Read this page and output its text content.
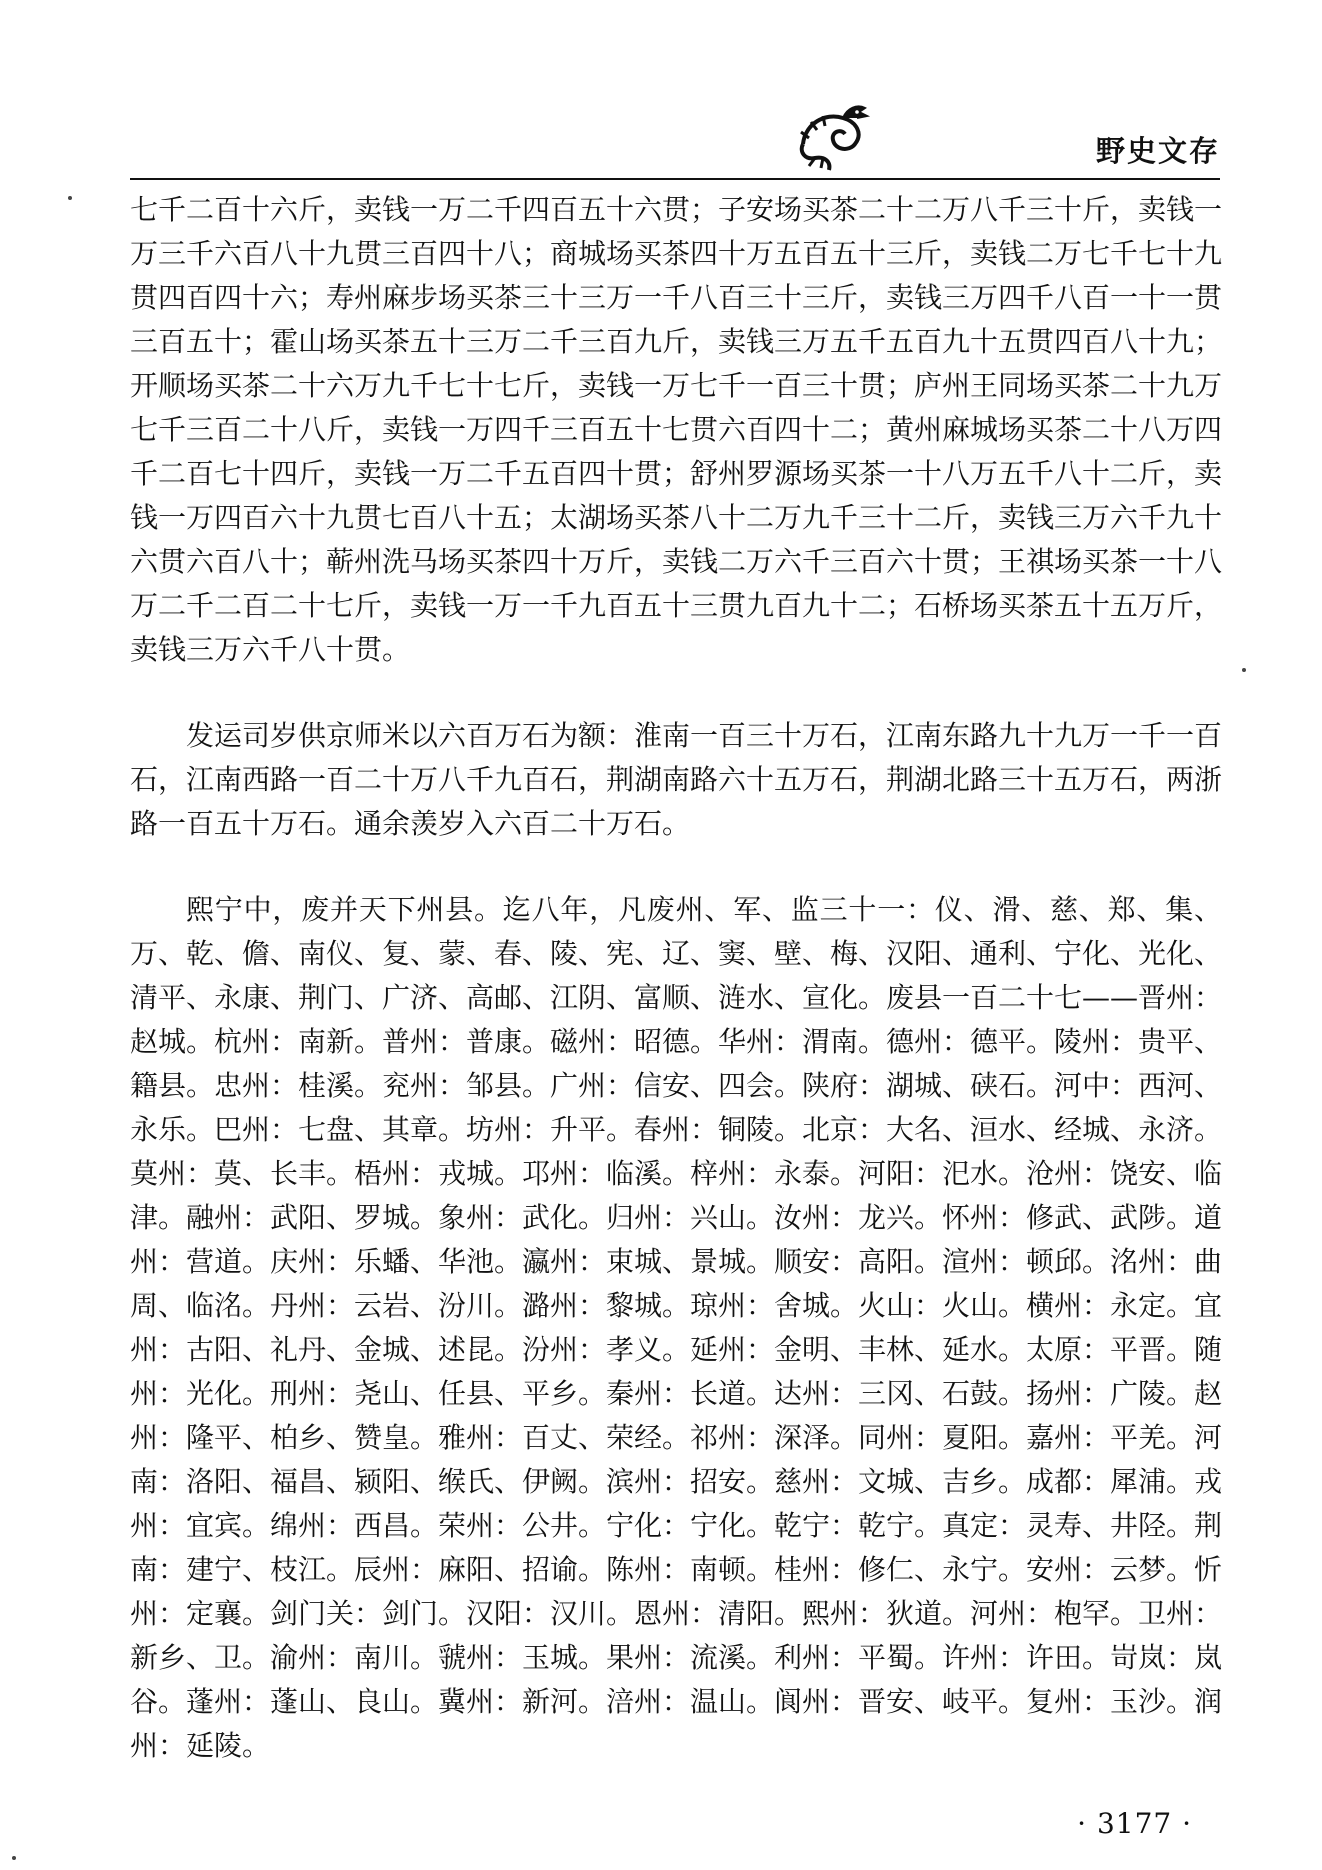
野史文存

七千二百十六斤，卖钱一万二千四百五十六贯；子安场买茶二十二万八千三十斤，卖钱一万三千六百八十九贯三百四十八；商城场买茶四十万五百五十三斤，卖钱二万七千七十九贯四百四十六；寿州麻步场买茶三十三万一千八百三十三斤，卖钱三万四千八百一十一贯三百五十；霍山场买茶五十三万二千三百九斤，卖钱三万五千五百九十五贯四百八十九；开顺场买茶二十六万九千七十七斤，卖钱一万七千一百三十贯；庐州王同场买茶二十九万七千三百二十八斤，卖钱一万四千三百五十七贯六百四十二；黄州麻城场买茶二十八万四千二百七十四斤，卖钱一万二千五百四十贯；舒州罗源场买茶一十八万五千八十二斤，卖钱一万四百六十九贯七百八十五；太湖场买茶八十二万九千三十二斤，卖钱三万六千九十六贯六百八十；蕲州洗马场买茶四十万斤，卖钱二万六千三百六十贯；王祺场买茶一十八万二千二百二十七斤，卖钱一万一千九百五十三贯九百九十二；石桥场买茶五十五万斤，卖钱三万六千八十贯。

发运司岁供京师米以六百万石为额：淮南一百三十万石，江南东路九十九万一千一百石，江南西路一百二十万八千九百石，荆湖南路六十五万石，荆湖北路三十五万石，两浙路一百五十万石。通余羡岁入六百二十万石。

熙宁中，废并天下州县。迄八年，凡废州、军、监三十一：仪、滑、慈、郑、集、万、乾、儋、南仪、复、蒙、春、陵、宪、辽、窦、壁、梅、汉阳、通利、宁化、光化、清平、永康、荆门、广济、高邮、江阴、富顺、涟水、宣化。废县一百二十七——晋州：赵城。杭州：南新。普州：普康。磁州：昭德。华州：渭南。德州：德平。陵州：贵平、籍县。忠州：桂溪。兖州：邹县。广州：信安、四会。陕府：湖城、硖石。河中：西河、永乐。巴州：七盘、其章。坊州：升平。春州：铜陵。北京：大名、洹水、经城、永济。莫州：莫、长丰。梧州：戎城。邛州：临溪。梓州：永泰。河阳：汜水。沧州：饶安、临津。融州：武阳、罗城。象州：武化。归州：兴山。汝州：龙兴。怀州：修武、武陟。道州：营道。庆州：乐蟠、华池。瀛州：束城、景城。顺安：高阳。渲州：顿邱。洺州：曲周、临洺。丹州：云岩、汾川。潞州：黎城。琼州：舍城。火山：火山。横州：永定。宜州：古阳、礼丹、金城、述昆。汾州：孝义。延州：金明、丰林、延水。太原：平晋。随州：光化。刑州：尧山、任县、平乡。秦州：长道。达州：三冈、石鼓。扬州：广陵。赵州：隆平、柏乡、赞皇。雅州：百丈、荣经。祁州：深泽。同州：夏阳。嘉州：平羌。河南：洛阳、福昌、颍阳、缑氏、伊阙。滨州：招安。慈州：文城、吉乡。成都：犀浦。戎州：宜宾。绵州：西昌。荣州：公井。宁化：宁化。乾宁：乾宁。真定：灵寿、井陉。荆南：建宁、枝江。辰州：麻阳、招谕。陈州：南顿。桂州：修仁、永宁。安州：云梦。忻州：定襄。剑门关：剑门。汉阳：汉川。恩州：清阳。熙州：狄道。河州：枹罕。卫州：新乡、卫。渝州：南川。虢州：玉城。果州：流溪。利州：平蜀。许州：许田。岢岚：岚谷。蓬州：蓬山、良山。冀州：新河。涪州：温山。阆州：晋安、岐平。复州：玉沙。润州：延陵。

· 3177 ·
